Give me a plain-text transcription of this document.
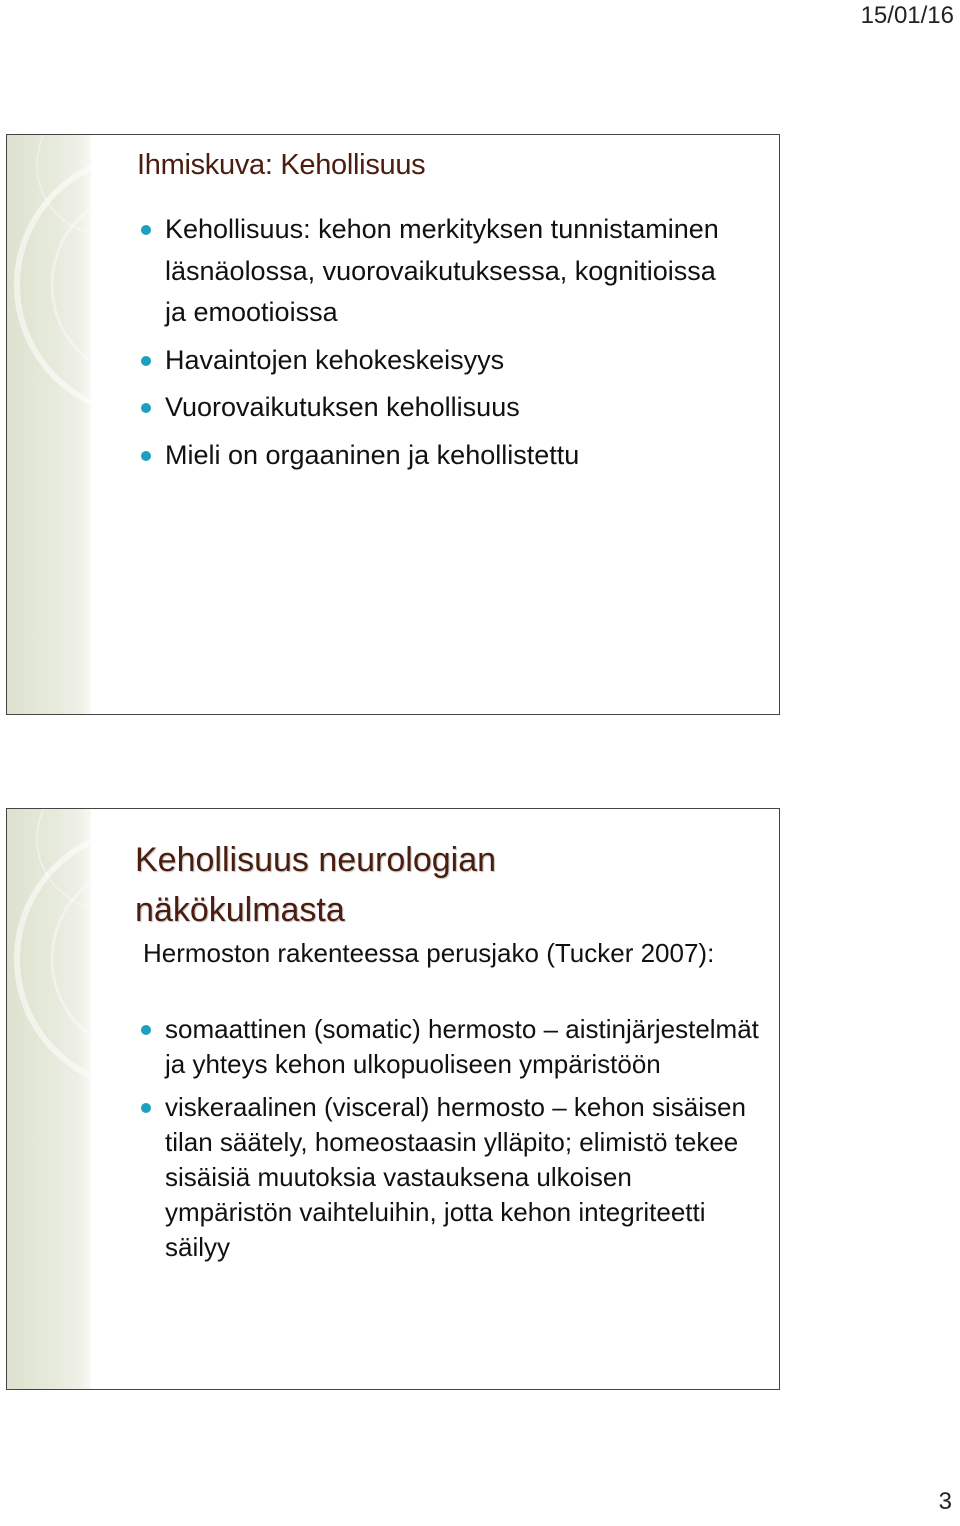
15/01/16
Ihmiskuva: Kehollisuus
Kehollisuus: kehon merkityksen tunnistaminen läsnäolossa, vuorovaikutuksessa, kognitioissa ja emootioissa
Havaintojen kehokeskeisyys
Vuorovaikutuksen kehollisuus
Mieli on orgaaninen ja kehollistettu
Kehollisuus neurologian näkökulmasta
Hermoston rakenteessa perusjako (Tucker 2007):
somaattinen (somatic) hermosto – aistinjärjestelmät ja yhteys kehon ulkopuoliseen ympäristöön
viskeraalinen (visceral) hermosto – kehon sisäisen tilan säätely, homeostaasin ylläpito; elimistö tekee sisäisiä muutoksia vastauksena ulkoisen ympäristön vaihteluihin, jotta kehon integriteetti säilyy
3
